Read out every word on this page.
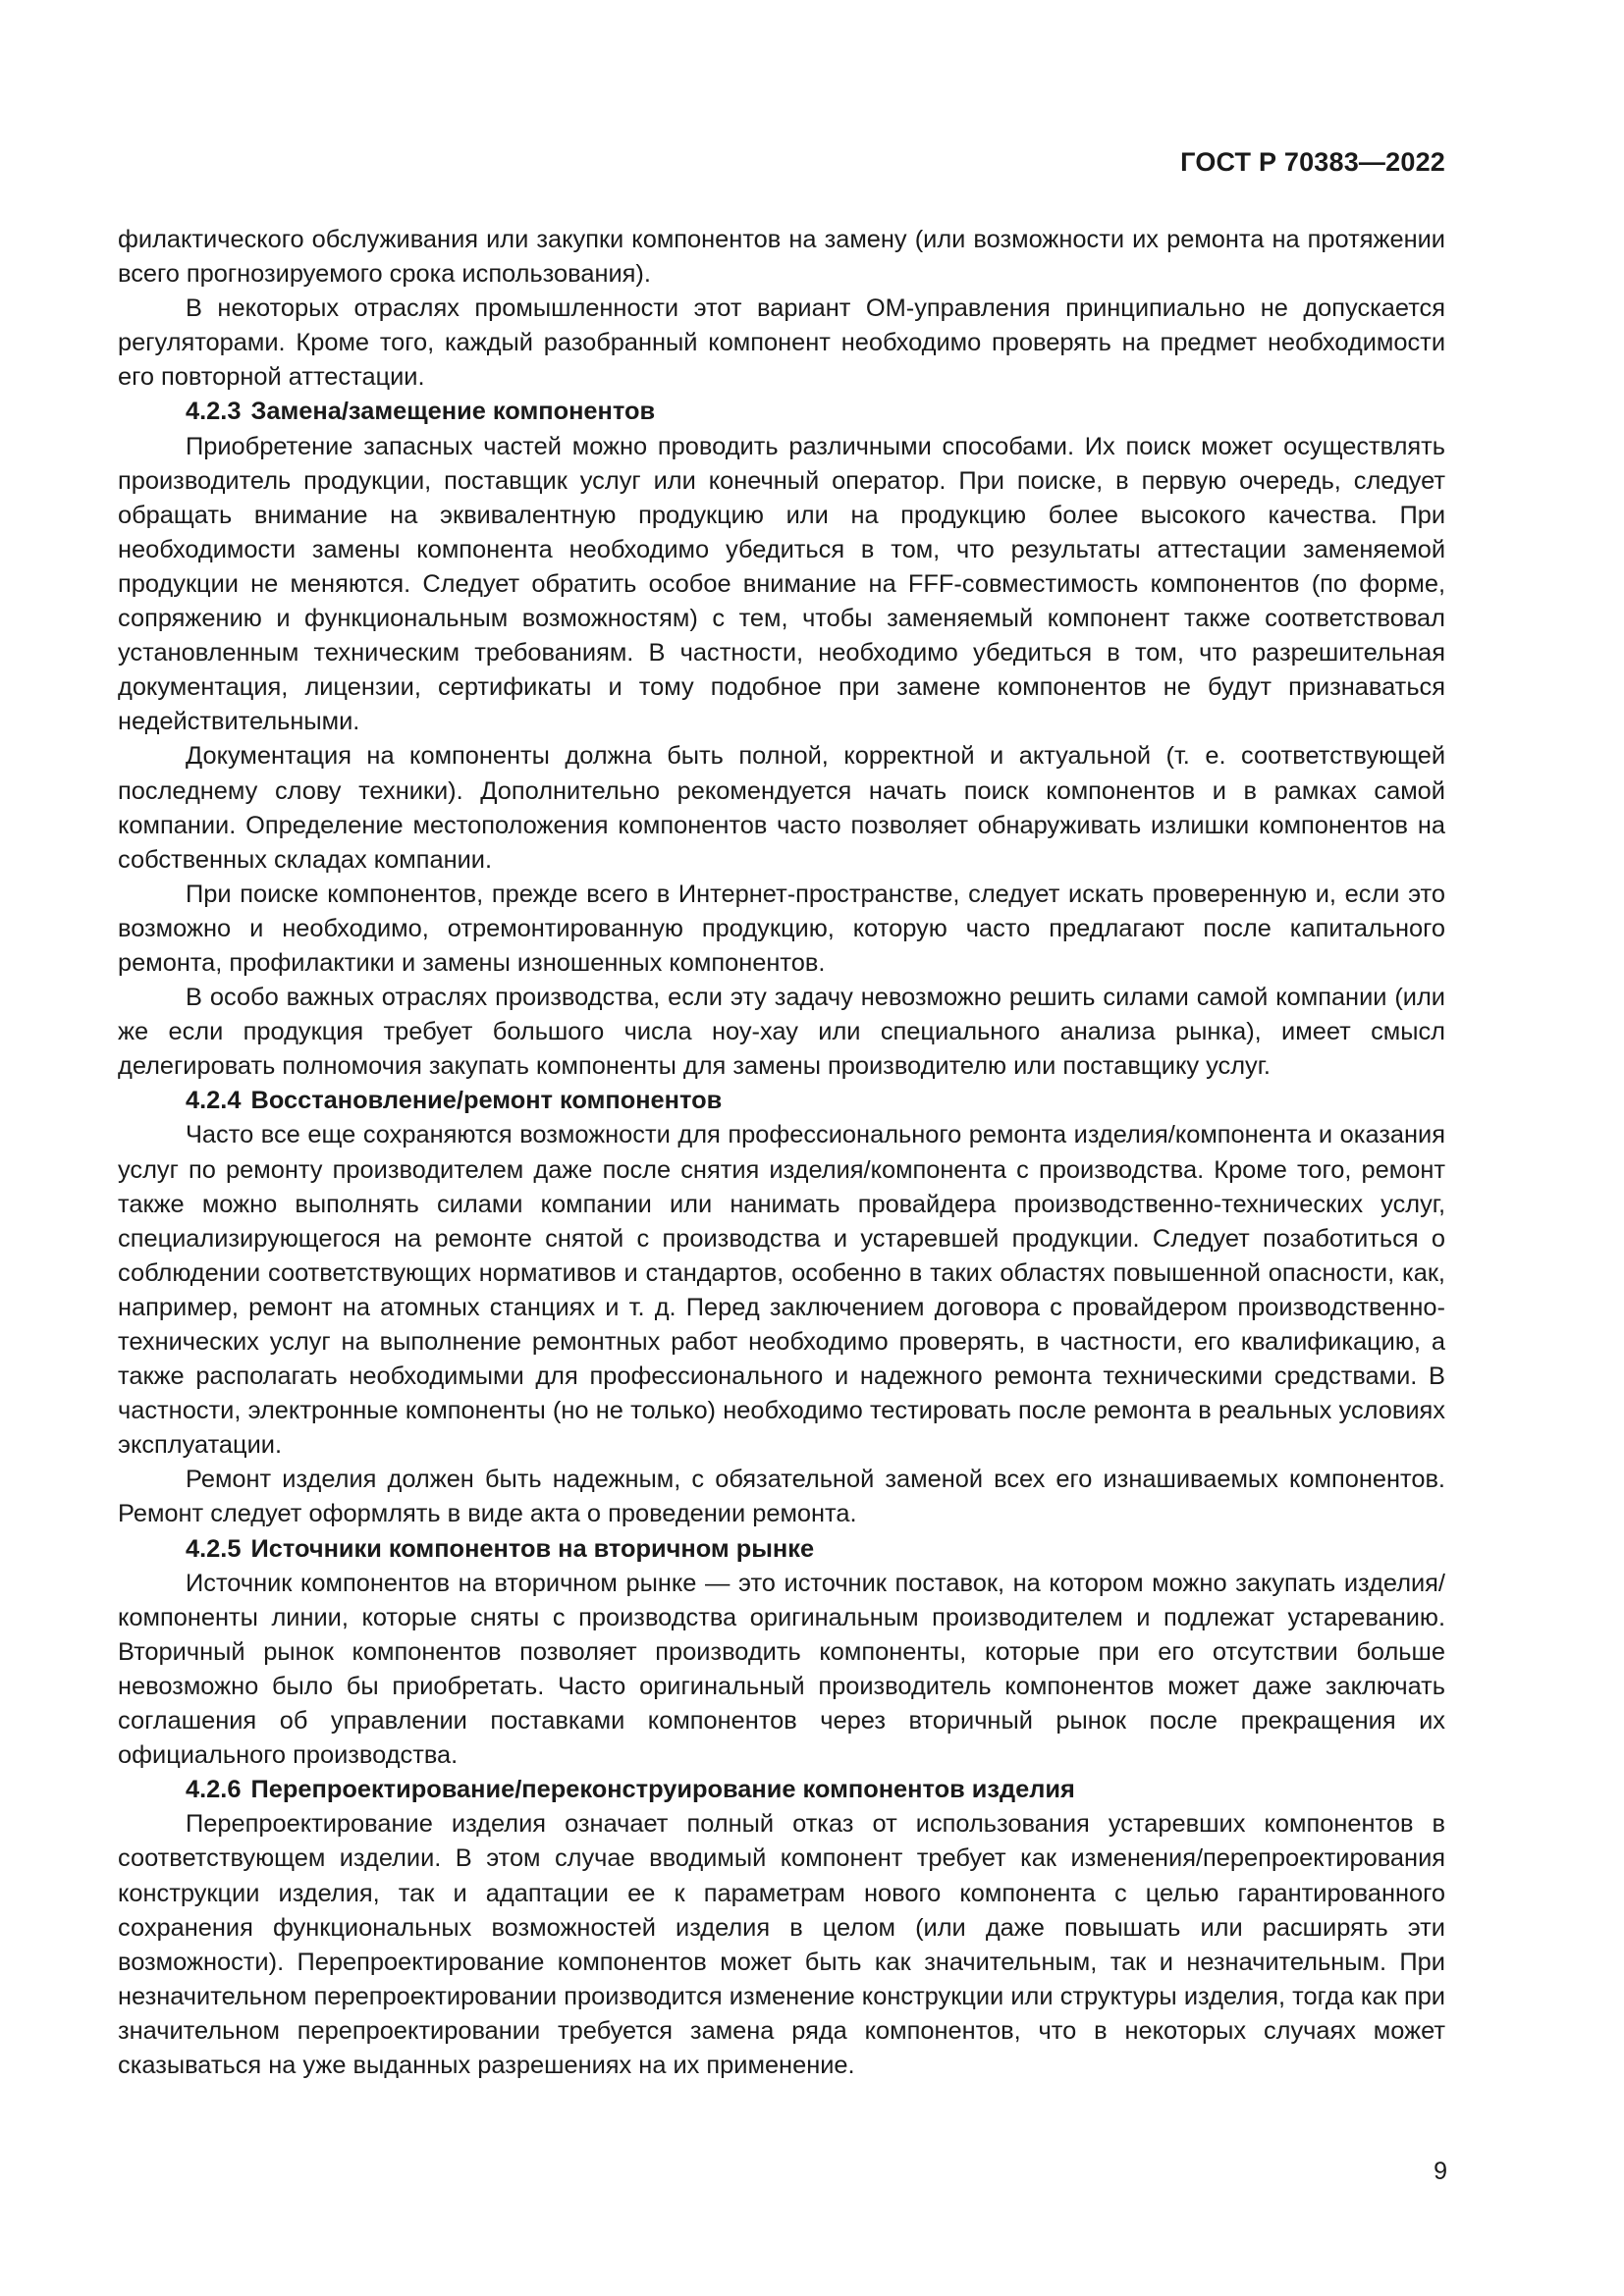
ГОСТ Р 70383—2022

филактического обслуживания или закупки компонентов на замену (или возможности их ремонта на протяжении всего прогнозируемого срока использования).

В некоторых отраслях промышленности этот вариант ОМ-управления принципиально не допускается регуляторами. Кроме того, каждый разобранный компонент необходимо проверять на предмет необходимости его повторной аттестации.

4.2.3 Замена/замещение компонентов

Приобретение запасных частей можно проводить различными способами. Их поиск может осуществлять производитель продукции, поставщик услуг или конечный оператор. При поиске, в первую очередь, следует обращать внимание на эквивалентную продукцию или на продукцию более высокого качества. При необходимости замены компонента необходимо убедиться в том, что результаты аттестации заменяемой продукции не меняются. Следует обратить особое внимание на FFF-совместимость компонентов (по форме, сопряжению и функциональным возможностям) с тем, чтобы заменяемый компонент также соответствовал установленным техническим требованиям. В частности, необходимо убедиться в том, что разрешительная документация, лицензии, сертификаты и тому подобное при замене компонентов не будут признаваться недействительными.

Документация на компоненты должна быть полной, корректной и актуальной (т. е. соответствующей последнему слову техники). Дополнительно рекомендуется начать поиск компонентов и в рамках самой компании. Определение местоположения компонентов часто позволяет обнаруживать излишки компонентов на собственных складах компании.

При поиске компонентов, прежде всего в Интернет-пространстве, следует искать проверенную и, если это возможно и необходимо, отремонтированную продукцию, которую часто предлагают после капитального ремонта, профилактики и замены изношенных компонентов.

В особо важных отраслях производства, если эту задачу невозможно решить силами самой компании (или же если продукция требует большого числа ноу-хау или специального анализа рынка), имеет смысл делегировать полномочия закупать компоненты для замены производителю или поставщику услуг.

4.2.4 Восстановление/ремонт компонентов

Часто все еще сохраняются возможности для профессионального ремонта изделия/компонента и оказания услуг по ремонту производителем даже после снятия изделия/компонента с производства. Кроме того, ремонт также можно выполнять силами компании или нанимать провайдера производственно-технических услуг, специализирующегося на ремонте снятой с производства и устаревшей продукции. Следует позаботиться о соблюдении соответствующих нормативов и стандартов, особенно в таких областях повышенной опасности, как, например, ремонт на атомных станциях и т. д. Перед заключением договора с провайдером производственно-технических услуг на выполнение ремонтных работ необходимо проверять, в частности, его квалификацию, а также располагать необходимыми для профессионального и надежного ремонта техническими средствами. В частности, электронные компоненты (но не только) необходимо тестировать после ремонта в реальных условиях эксплуатации.

Ремонт изделия должен быть надежным, с обязательной заменой всех его изнашиваемых компонентов. Ремонт следует оформлять в виде акта о проведении ремонта.

4.2.5 Источники компонентов на вторичном рынке

Источник компонентов на вторичном рынке — это источник поставок, на котором можно закупать изделия/компоненты линии, которые сняты с производства оригинальным производителем и подлежат устареванию. Вторичный рынок компонентов позволяет производить компоненты, которые при его отсутствии больше невозможно было бы приобретать. Часто оригинальный производитель компонентов может даже заключать соглашения об управлении поставками компонентов через вторичный рынок после прекращения их официального производства.

4.2.6 Перепроектирование/переконструирование компонентов изделия

Перепроектирование изделия означает полный отказ от использования устаревших компонентов в соответствующем изделии. В этом случае вводимый компонент требует как изменения/перепроектирования конструкции изделия, так и адаптации ее к параметрам нового компонента с целью гарантированного сохранения функциональных возможностей изделия в целом (или даже повышать или расширять эти возможности). Перепроектирование компонентов может быть как значительным, так и незначительным. При незначительном перепроектировании производится изменение конструкции или структуры изделия, тогда как при значительном перепроектировании требуется замена ряда компонентов, что в некоторых случаях может сказываться на уже выданных разрешениях на их применение.

9
